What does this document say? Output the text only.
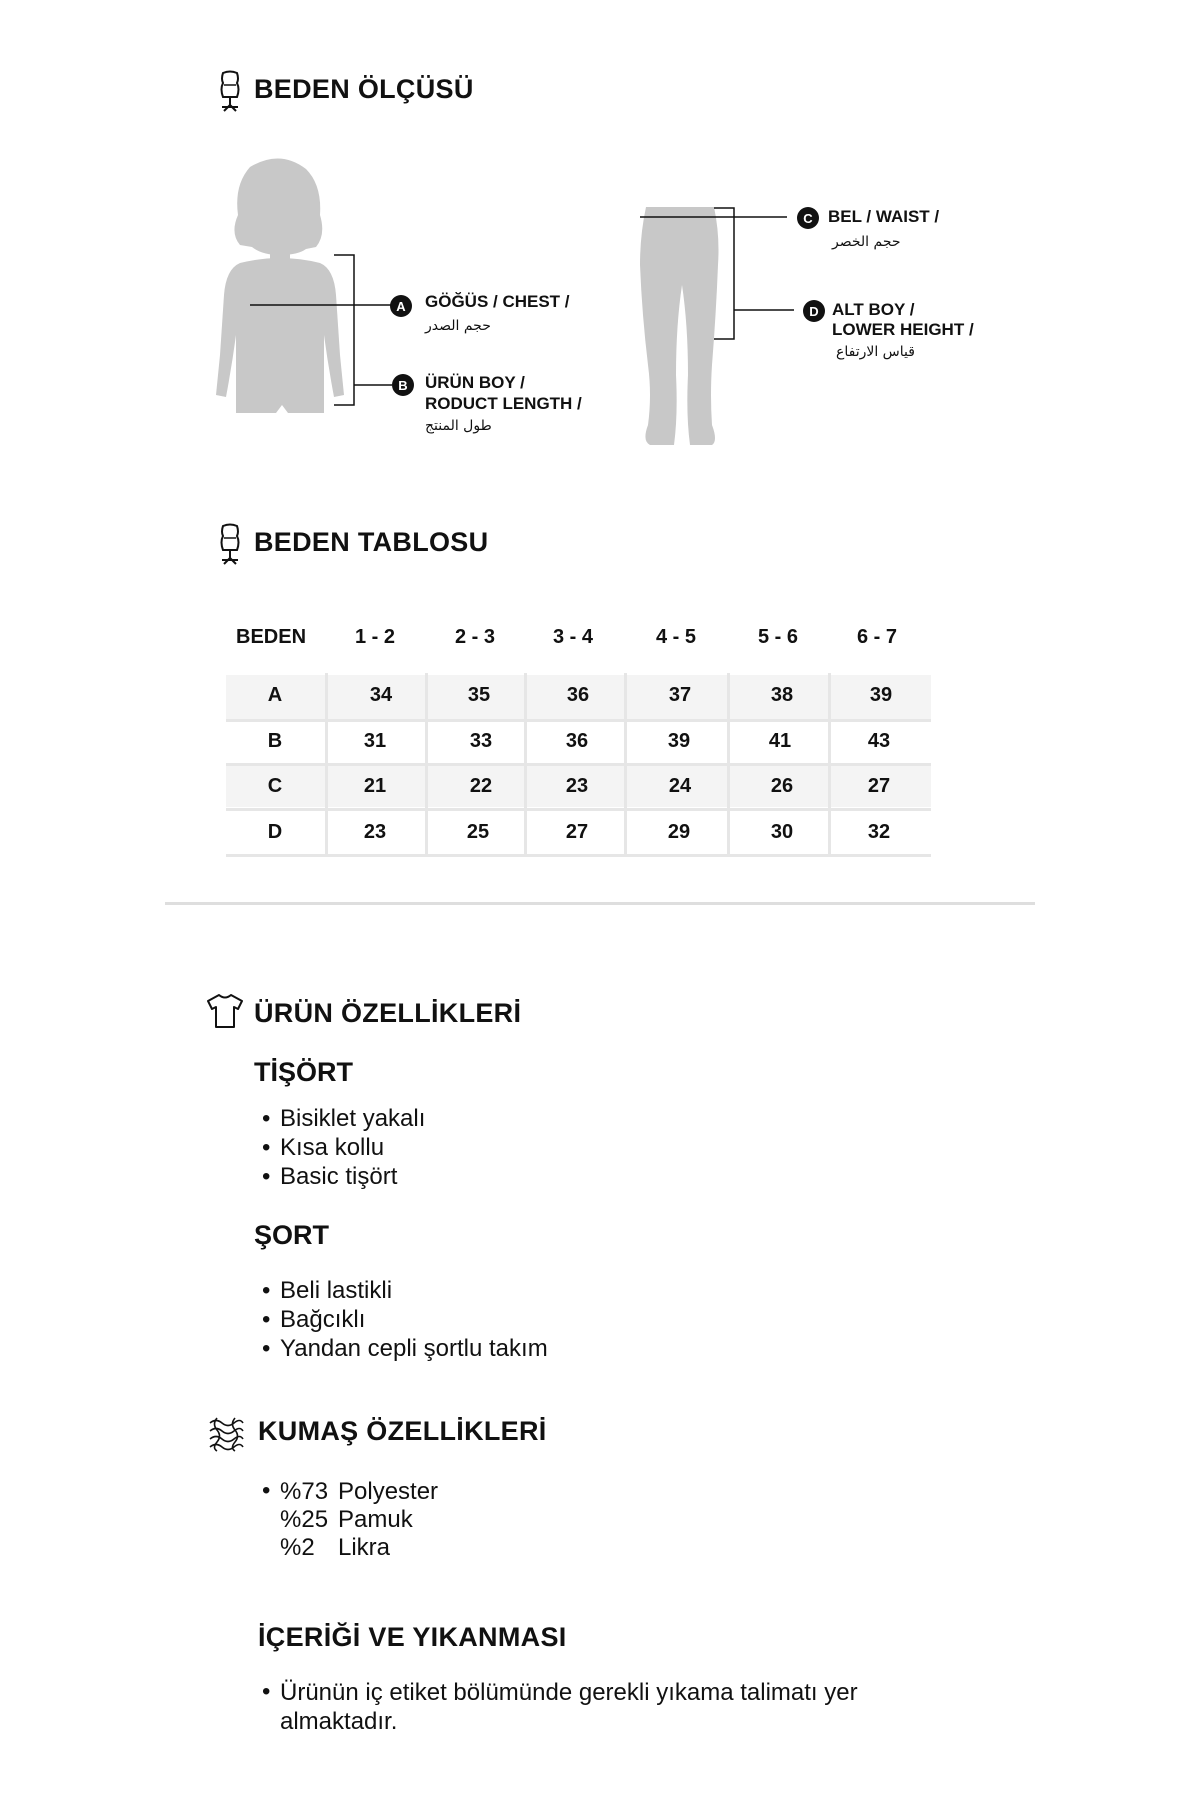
BEDEN ÖLÇÜSÜ
A	GÖĞÜS / CHEST /
حجم الصدر
B	ÜRÜN BOY /
RODUCT LENGTH /
طول المنتج
C BEL / WAIST /
حجم الخصر
D ALT BOY /
LOWER HEIGHT /
قياس الارتفاع
BEDEN TABLOSU
BEDEN 1 - 2	2 - 3	3 - 4	4 - 5	5 - 6	6 - 7
A	34	35	36	37	38	39
B	31	33	36	39	41	43
C	21	22	23	24	26	27
D	23	25	27	29	30	32
ÜRÜN ÖZELLİKLERİ
TİŞÖRT
• Bisiklet yakalı
• Kısa kollu
• Basic tişört
ŞORT
• Beli lastikli
• Bağcıklı
• Yandan cepli şortlu takım
KUMAŞ ÖZELLİKLERİ
• %73 Polyester
%25 Pamuk
%2 Likra
İÇERİĞİ VE YIKANMASI
• Ürünün iç etiket bölümünde gerekli yıkama talimatı yer
almaktadır.
